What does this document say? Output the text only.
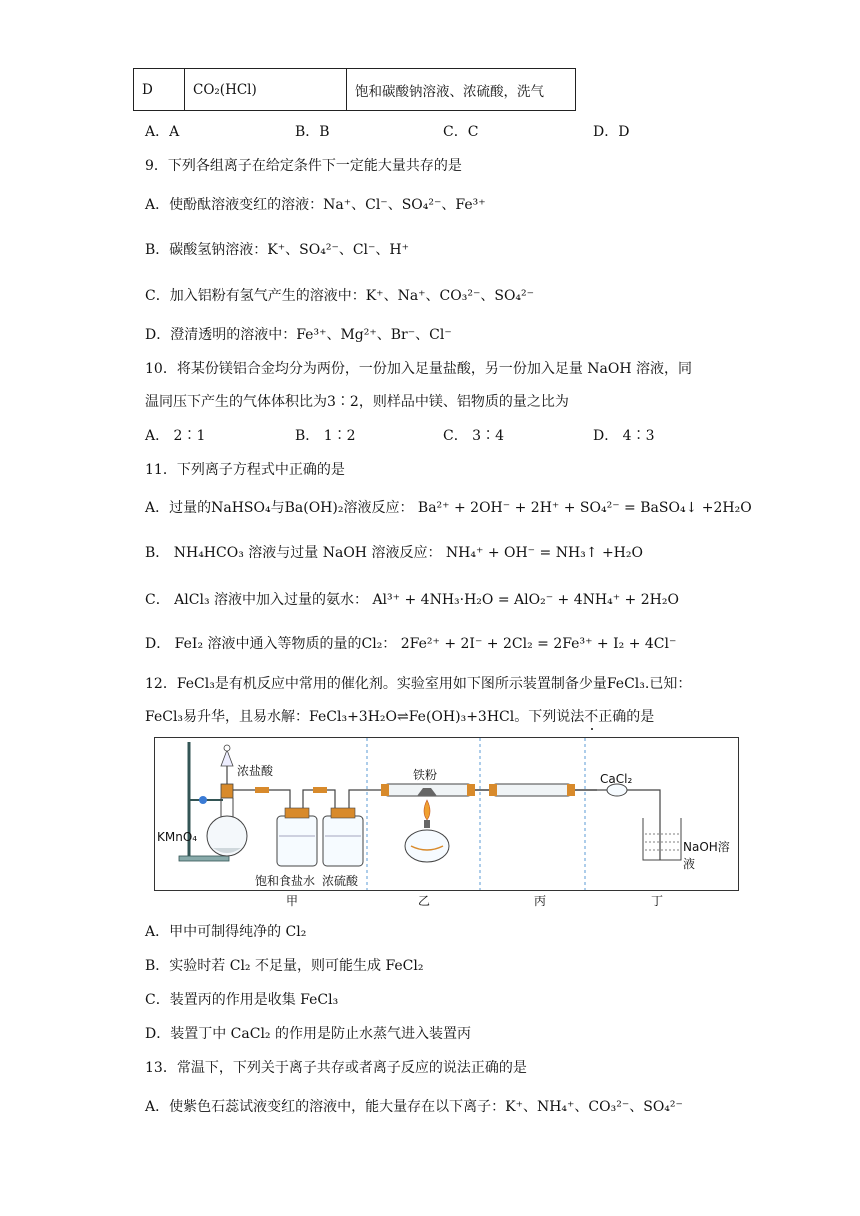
D	CO₂(HCl)	饱和碳酸钠溶液、浓硫酸，洗气
A．A	B．B	C．C	D．D
9．下列各组离子在给定条件下一定能大量共存的是
A．使酚酞溶液变红的溶液：Na⁺、Cl⁻、SO₄²⁻、Fe³⁺
B．碳酸氢钠溶液：K⁺、SO₄²⁻、Cl⁻、H⁺
C．加入铝粉有氢气产生的溶液中：K⁺、Na⁺、CO₃²⁻、SO₄²⁻
D．澄清透明的溶液中：Fe³⁺、Mg²⁺、Br⁻、Cl⁻
10．将某份镁铝合金均分为两份，一份加入足量盐酸，另一份加入足量 NaOH 溶液，同
温同压下产生的气体体积比为3∶2，则样品中镁、铝物质的量之比为
A． 2∶1	B． 1∶2	C． 3∶4	D． 4∶3
11．下列离子方程式中正确的是
A．过量的NaHSO₄与Ba(OH)₂溶液反应： Ba²⁺ + 2OH⁻ + 2H⁺ + SO₄²⁻ = BaSO₄↓ +2H₂O
B． NH₄HCO₃ 溶液与过量 NaOH 溶液反应： NH₄⁺ + OH⁻ = NH₃↑ +H₂O
C． AlCl₃ 溶液中加入过量的氨水： Al³⁺ + 4NH₃·H₂O = AlO₂⁻ + 4NH₄⁺ + 2H₂O
D． FeI₂ 溶液中通入等物质的量的Cl₂： 2Fe²⁺ + 2I⁻ + 2Cl₂ = 2Fe³⁺ + I₂ + 4Cl⁻
12．FeCl₃是有机反应中常用的催化剂。实验室用如下图所示装置制备少量FeCl₃.已知：
FeCl₃易升华，且易水解：FeCl₃+3H₂O⇌Fe(OH)₃+3HCl。下列说法不正确的是
浓盐酸
KMnO₄
饱和食盐水 浓硫酸
铁粉	CaCl₂
NaOH溶液
甲	乙	丙	丁
A．甲中可制得纯净的 Cl₂
B．实验时若 Cl₂ 不足量，则可能生成 FeCl₂
C．装置丙的作用是收集 FeCl₃
D．装置丁中 CaCl₂ 的作用是防止水蒸气进入装置丙
13．常温下，下列关于离子共存或者离子反应的说法正确的是
A．使紫色石蕊试液变红的溶液中，能大量存在以下离子：K⁺、NH₄⁺、CO₃²⁻、SO₄²⁻
